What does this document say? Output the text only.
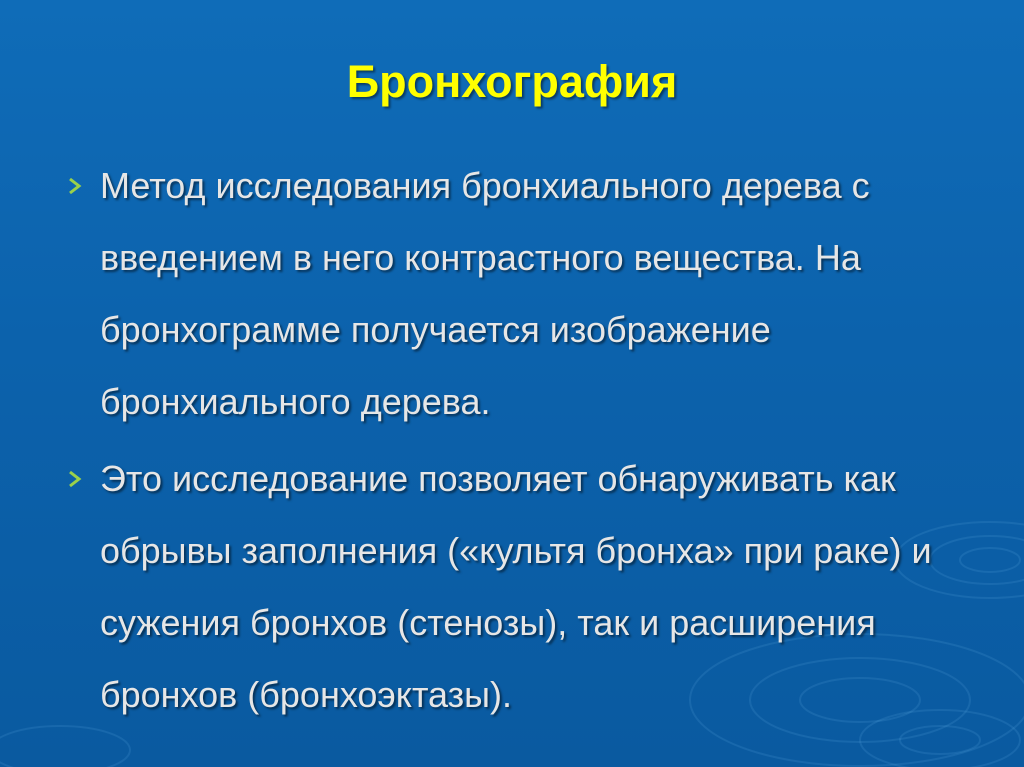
Бронхография
Метод исследования бронхиального дерева с введением в него контрастного вещества. На бронхограмме получается изображение бронхиального дерева.
Это исследование позволяет обнаруживать как обрывы заполнения («культя бронха» при раке) и сужения бронхов (стенозы), так и расширения бронхов (бронхоэктазы).
